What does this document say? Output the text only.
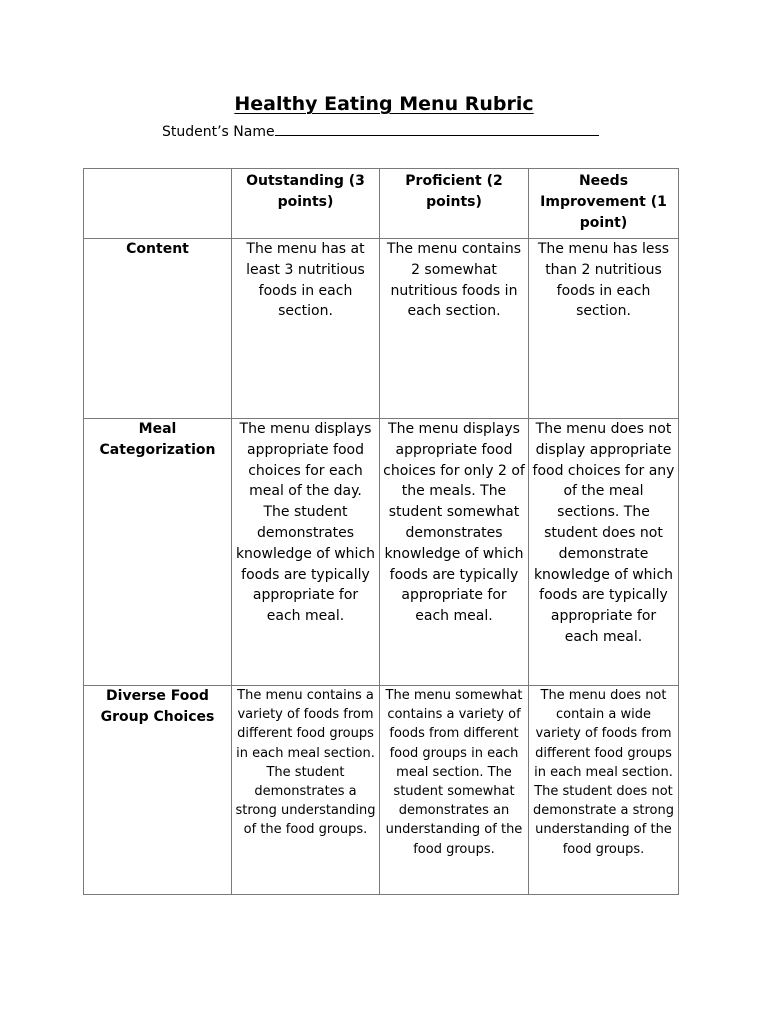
Healthy Eating Menu Rubric
Student’s Name
	Outstanding (3 points)	Proficient (2 points)	Needs Improvement (1 point)
Content	The menu has at least 3 nutritious foods in each section.	The menu contains 2 somewhat nutritious foods in each section.	The menu has less than 2 nutritious foods in each section.
Meal Categorization	The menu displays appropriate food choices for each meal of the day. The student demonstrates knowledge of which foods are typically appropriate for each meal.	The menu displays appropriate food choices for only 2 of the meals. The student somewhat demonstrates knowledge of which foods are typically appropriate for each meal.	The menu does not display appropriate food choices for any of the meal sections. The student does not demonstrate knowledge of which foods are typically appropriate for each meal.
Diverse Food Group Choices	The menu contains a variety of foods from different food groups in each meal section. The student demonstrates a strong understanding of the food groups.	The menu somewhat contains a variety of foods from different food groups in each meal section. The student somewhat demonstrates an understanding of the food groups.	The menu does not contain a wide variety of foods from different food groups in each meal section. The student does not demonstrate a strong understanding of the food groups.
